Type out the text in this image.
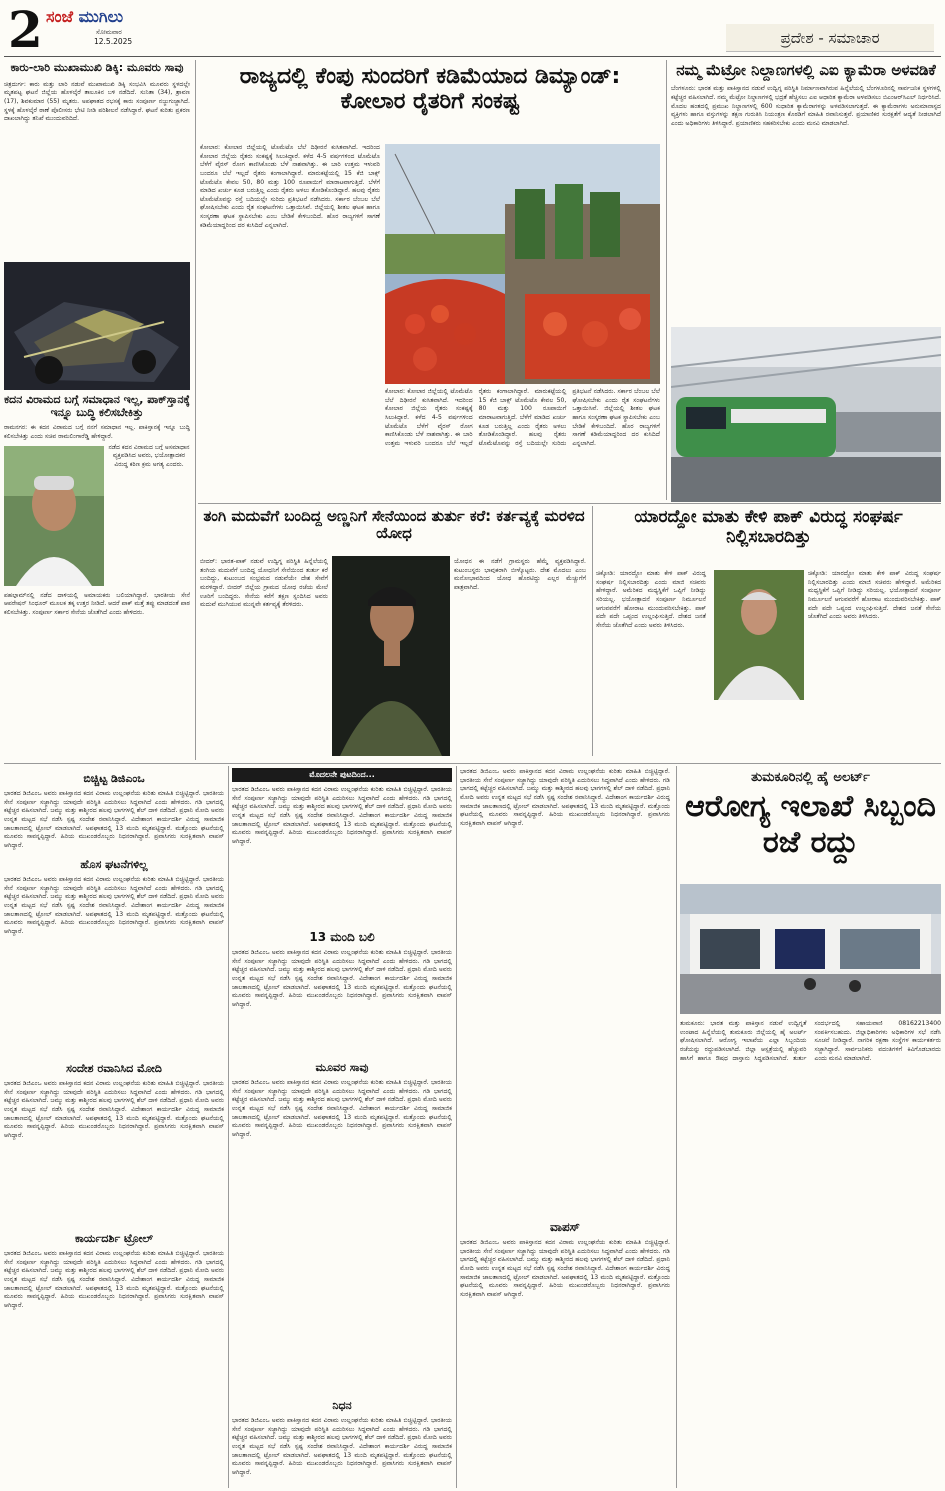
2 ಸಂಜೆ ಮುಗಿಲು
ಸೋಮವಾರ
12.5.2025	ಪ್ರದೇಶ - ಸಮಾಚಾರ
ಕಾರು-ಲಾರಿ ಮುಖಾಮುಖಿ ಡಿಕ್ಕಿ: ಮೂವರು ಸಾವು
ಚಿತ್ರದುರ್ಗ: ಕಾರು ಮತ್ತು ಲಾರಿ ನಡುವೆ ಮುಖಾಮುಖಿ ಡಿಕ್ಕಿ ಸಂಭವಿಸಿ ಮೂವರು ಸ್ಥಳದಲ್ಲೇ ಮೃತಪಟ್ಟ ಘಟನೆ ಜಿಲ್ಲೆಯ ಹೊಳಲ್ಕೆರೆ ತಾಲೂಕಿನ ಬಳಿ ನಡೆದಿದೆ. ಸುನಿತಾ (34), ಶ್ರಾವಣ (17), ಶಿವಕುಮಾರ (55) ಮೃತರು. ಅಪಘಾತದ ರಭಸಕ್ಕೆ ಕಾರು ಸಂಪೂರ್ಣ ನಜ್ಜುಗುಜ್ಜಾಗಿದೆ. ಸ್ಥಳಕ್ಕೆ ಹೊಳಲ್ಕೆರೆ ಠಾಣೆ ಪೊಲೀಸರು ಭೇಟಿ ನೀಡಿ ಪರಿಶೀಲನೆ ನಡೆಸಿದ್ದಾರೆ. ಘಟನೆ ಕುರಿತು ಪ್ರಕರಣ ದಾಖಲಾಗಿದ್ದು ತನಿಖೆ ಮುಂದುವರಿದಿದೆ.
ಕದನ ವಿರಾಮದ ಬಗ್ಗೆ ಸಮಾಧಾನ ಇಲ್ಲ, ಪಾಕ್‌ಸ್ತಾನಕ್ಕೆ ಇನ್ನೂ ಬುದ್ಧಿ ಕಲಿಸಬೇಕಿತ್ತು
ರಾಮನಗರ: ಈ ಕದನ ವಿರಾಮದ ಬಗ್ಗೆ ನನಗೆ ಸಮಾಧಾನ ಇಲ್ಲ. ಪಾಕಿಸ್ತಾನಕ್ಕೆ ಇನ್ನೂ ಬುದ್ಧಿ ಕಲಿಸಬೇಕಿತ್ತು ಎಂದು ಸಚಿವ ರಾಮಲಿಂಗಾರೆಡ್ಡಿ ಹೇಳಿದ್ದಾರೆ.
ನಡೆದ ಕದನ ವಿರಾಮದ ಬಗ್ಗೆ ಅಸಮಾಧಾನ ವ್ಯಕ್ತಪಡಿಸಿದ ಅವರು, ಭಯೋತ್ಪಾದಕರ ವಿರುದ್ಧ ಕಠಿಣ ಕ್ರಮ ಅಗತ್ಯ ಎಂದರು.
ಪಹಲ್ಗಾಮ್‌ನಲ್ಲಿ ನಡೆದ ದಾಳಿಯಲ್ಲಿ ಅಮಾಯಕರು ಬಲಿಯಾಗಿದ್ದಾರೆ. ಭಾರತೀಯ ಸೇನೆ ಆಪರೇಷನ್ ಸಿಂಧೂರ್ ಮೂಲಕ ತಕ್ಕ ಉತ್ತರ ನೀಡಿದೆ. ಆದರೆ ಪಾಕ್ ಮತ್ತೆ ತಪ್ಪು ಮಾಡದಂತೆ ಪಾಠ ಕಲಿಸಬೇಕಿತ್ತು. ಸಂಪೂರ್ಣ ಸರ್ಕಾರ ಸೇನೆಯ ಜೊತೆಗಿದೆ ಎಂದು ಹೇಳಿದರು.
ರಾಜ್ಯದಲ್ಲಿ ಕೆಂಪು ಸುಂದರಿಗೆ ಕಡಿಮೆಯಾದ ಡಿಮ್ಯಾಂಡ್: ಕೋಲಾರ ರೈತರಿಗೆ ಸಂಕಷ್ಟ
ಕೋಲಾರ: ಕೋಲಾರ ಜಿಲ್ಲೆಯಲ್ಲಿ ಟೊಮೆಟೊ ಬೆಲೆ ದಿಢೀರನೆ ಕುಸಿತವಾಗಿದೆ. ಇದರಿಂದ ಕೋಲಾರ ಜಿಲ್ಲೆಯ ರೈತರು ಸಂಕಷ್ಟಕ್ಕೆ ಸಿಲುಕಿದ್ದಾರೆ. ಕಳೆದ 4-5 ವರ್ಷಗಳಿಂದ ಟೊಮೆಟೊ ಬೆಳೆಗೆ ವೈರಸ್ ರೋಗ ಕಾಣಿಸಿಕೊಂಡು ಬೆಳೆ ನಾಶವಾಗಿತ್ತು. ಈ ಬಾರಿ ಉತ್ತಮ ಇಳುವರಿ ಬಂದರೂ ಬೆಲೆ ಇಲ್ಲದೆ ರೈತರು ಕಂಗಾಲಾಗಿದ್ದಾರೆ. ಮಾರುಕಟ್ಟೆಯಲ್ಲಿ 15 ಕೆಜಿ ಬಾಕ್ಸ್ ಟೊಮೆಟೊ ಕೇವಲ 50, 80 ಮತ್ತು 100 ರೂಪಾಯಿಗೆ ಮಾರಾಟವಾಗುತ್ತಿದೆ. ಬೆಳೆಗೆ ಮಾಡಿದ ಖರ್ಚು ಕೂಡ ಬರುತ್ತಿಲ್ಲ ಎಂದು ರೈತರು ಅಳಲು ತೋಡಿಕೊಂಡಿದ್ದಾರೆ. ಹಲವು ರೈತರು ಟೊಮೆಟೊವನ್ನು ರಸ್ತೆ ಬದಿಯಲ್ಲೇ ಸುರಿದು ಪ್ರತಿಭಟನೆ ನಡೆಸಿದರು. ಸರ್ಕಾರ ಬೆಂಬಲ ಬೆಲೆ ಘೋಷಿಸಬೇಕು ಎಂದು ರೈತ ಸಂಘಟನೆಗಳು ಒತ್ತಾಯಿಸಿವೆ. ಜಿಲ್ಲೆಯಲ್ಲಿ ಶೀತಲ ಘಟಕ ಹಾಗೂ ಸಂಸ್ಕರಣಾ ಘಟಕ ಸ್ಥಾಪಿಸಬೇಕು ಎಂಬ ಬೇಡಿಕೆ ಕೇಳಿಬಂದಿದೆ. ಹೊರ ರಾಜ್ಯಗಳಿಗೆ ಸಾಗಣೆ ಕಡಿಮೆಯಾದ್ದರಿಂದ ದರ ಕುಸಿದಿದೆ ಎನ್ನಲಾಗಿದೆ.
ಕೋಲಾರ: ಕೋಲಾರ ಜಿಲ್ಲೆಯಲ್ಲಿ ಟೊಮೆಟೊ ಬೆಲೆ ದಿಢೀರನೆ ಕುಸಿತವಾಗಿದೆ. ಇದರಿಂದ ಕೋಲಾರ ಜಿಲ್ಲೆಯ ರೈತರು ಸಂಕಷ್ಟಕ್ಕೆ ಸಿಲುಕಿದ್ದಾರೆ. ಕಳೆದ 4-5 ವರ್ಷಗಳಿಂದ ಟೊಮೆಟೊ ಬೆಳೆಗೆ ವೈರಸ್ ರೋಗ ಕಾಣಿಸಿಕೊಂಡು ಬೆಳೆ ನಾಶವಾಗಿತ್ತು. ಈ ಬಾರಿ ಉತ್ತಮ ಇಳುವರಿ ಬಂದರೂ ಬೆಲೆ ಇಲ್ಲದೆ ರೈತರು ಕಂಗಾಲಾಗಿದ್ದಾರೆ. ಮಾರುಕಟ್ಟೆಯಲ್ಲಿ 15 ಕೆಜಿ ಬಾಕ್ಸ್ ಟೊಮೆಟೊ ಕೇವಲ 50, 80 ಮತ್ತು 100 ರೂಪಾಯಿಗೆ ಮಾರಾಟವಾಗುತ್ತಿದೆ. ಬೆಳೆಗೆ ಮಾಡಿದ ಖರ್ಚು ಕೂಡ ಬರುತ್ತಿಲ್ಲ ಎಂದು ರೈತರು ಅಳಲು ತೋಡಿಕೊಂಡಿದ್ದಾರೆ. ಹಲವು ರೈತರು ಟೊಮೆಟೊವನ್ನು ರಸ್ತೆ ಬದಿಯಲ್ಲೇ ಸುರಿದು ಪ್ರತಿಭಟನೆ ನಡೆಸಿದರು. ಸರ್ಕಾರ ಬೆಂಬಲ ಬೆಲೆ ಘೋಷಿಸಬೇಕು ಎಂದು ರೈತ ಸಂಘಟನೆಗಳು ಒತ್ತಾಯಿಸಿವೆ. ಜಿಲ್ಲೆಯಲ್ಲಿ ಶೀತಲ ಘಟಕ ಹಾಗೂ ಸಂಸ್ಕರಣಾ ಘಟಕ ಸ್ಥಾಪಿಸಬೇಕು ಎಂಬ ಬೇಡಿಕೆ ಕೇಳಿಬಂದಿದೆ. ಹೊರ ರಾಜ್ಯಗಳಿಗೆ ಸಾಗಣೆ ಕಡಿಮೆಯಾದ್ದರಿಂದ ದರ ಕುಸಿದಿದೆ ಎನ್ನಲಾಗಿದೆ.
ನಮ್ಮ ಮೆಟ್ರೋ ನಿಲ್ದಾಣಗಳಲ್ಲಿ ಎಐ ಕ್ಯಾಮೆರಾ ಅಳವಡಿಕೆ
ಬೆಂಗಳೂರು: ಭಾರತ ಮತ್ತು ಪಾಕಿಸ್ತಾನದ ನಡುವೆ ಉದ್ವಿಗ್ನ ಪರಿಸ್ಥಿತಿ ನಿರ್ಮಾಣವಾಗಿರುವ ಹಿನ್ನೆಲೆಯಲ್ಲಿ ಬೆಂಗಳೂರಿನಲ್ಲಿ ಸಾರ್ವಜನಿಕ ಸ್ಥಳಗಳಲ್ಲಿ ಕಟ್ಟೆಚ್ಚರ ವಹಿಸಲಾಗಿದೆ. ನಮ್ಮ ಮೆಟ್ರೋ ನಿಲ್ದಾಣಗಳಲ್ಲಿ ಭದ್ರತೆ ಹೆಚ್ಚಿಸಲು ಎಐ ಆಧಾರಿತ ಕ್ಯಾಮೆರಾ ಅಳವಡಿಸಲು ಬಿಎಂಆರ್‌ಸಿಎಲ್ ನಿರ್ಧರಿಸಿದೆ. ಮೊದಲ ಹಂತದಲ್ಲಿ ಪ್ರಮುಖ ನಿಲ್ದಾಣಗಳಲ್ಲಿ 600 ಸುಧಾರಿತ ಕ್ಯಾಮೆರಾಗಳನ್ನು ಅಳವಡಿಸಲಾಗುತ್ತದೆ. ಈ ಕ್ಯಾಮೆರಾಗಳು ಅನುಮಾನಾಸ್ಪದ ವ್ಯಕ್ತಿಗಳು ಹಾಗೂ ವಸ್ತುಗಳನ್ನು ತಕ್ಷಣ ಗುರುತಿಸಿ ನಿಯಂತ್ರಣ ಕೊಠಡಿಗೆ ಮಾಹಿತಿ ರವಾನಿಸುತ್ತವೆ. ಪ್ರಯಾಣಿಕರ ಸುರಕ್ಷತೆಗೆ ಆದ್ಯತೆ ನೀಡಲಾಗಿದೆ ಎಂದು ಅಧಿಕಾರಿಗಳು ತಿಳಿಸಿದ್ದಾರೆ. ಪ್ರಯಾಣಿಕರು ಸಹಕರಿಸಬೇಕು ಎಂದು ಮನವಿ ಮಾಡಲಾಗಿದೆ.
ತಂಗಿ ಮದುವೆಗೆ ಬಂದಿದ್ದ ಅಣ್ಣನಿಗೆ ಸೇನೆಯಿಂದ ತುರ್ತು ಕರೆ: ಕರ್ತವ್ಯಕ್ಕೆ ಮರಳಿದ ಯೋಧ
ಬೀದರ್: ಭಾರತ-ಪಾಕ್ ನಡುವೆ ಉದ್ವಿಗ್ನ ಪರಿಸ್ಥಿತಿ ಹಿನ್ನೆಲೆಯಲ್ಲಿ ತಂಗಿಯ ಮದುವೆಗೆ ಬಂದಿದ್ದ ಯೋಧನಿಗೆ ಸೇನೆಯಿಂದ ತುರ್ತು ಕರೆ ಬಂದಿದ್ದು, ಕುಟುಂಬದ ಸಂಭ್ರಮದ ನಡುವೆಯೇ ದೇಶ ಸೇವೆಗೆ ಮರಳಿದ್ದಾರೆ. ಬೀದರ್ ಜಿಲ್ಲೆಯ ಗ್ರಾಮದ ಯೋಧ ರಜೆಯ ಮೇಲೆ ಊರಿಗೆ ಬಂದಿದ್ದರು. ಸೇನೆಯ ಕರೆಗೆ ತಕ್ಷಣ ಸ್ಪಂದಿಸಿದ ಅವರು ಮದುವೆ ಮುಗಿಯುವ ಮುನ್ನವೇ ಕರ್ತವ್ಯಕ್ಕೆ ತೆರಳಿದರು.
ಯೋಧನ ಈ ನಡೆಗೆ ಗ್ರಾಮಸ್ಥರು ಹೆಮ್ಮೆ ವ್ಯಕ್ತಪಡಿಸಿದ್ದಾರೆ. ಕುಟುಂಬಸ್ಥರು ಭಾವುಕರಾಗಿ ಬೀಳ್ಕೊಟ್ಟರು. ದೇಶ ಮೊದಲು ಎಂಬ ಮನೋಭಾವದಿಂದ ಯೋಧ ಹೊರಟಿದ್ದು ಎಲ್ಲರ ಮೆಚ್ಚುಗೆಗೆ ಪಾತ್ರವಾಗಿದೆ.
ಯಾರದ್ದೋ ಮಾತು ಕೇಳಿ ಪಾಕ್ ವಿರುದ್ಧ ಸಂಘರ್ಷ ನಿಲ್ಲಿಸಬಾರದಿತ್ತು
ಚಿಕ್ಕೋಡಿ: ಯಾರದ್ದೋ ಮಾತು ಕೇಳಿ ಪಾಕ್ ವಿರುದ್ಧ ಸಂಘರ್ಷ ನಿಲ್ಲಿಸಬಾರದಿತ್ತು ಎಂದು ಮಾಜಿ ಸಚಿವರು ಹೇಳಿದ್ದಾರೆ. ಅಮೆರಿಕದ ಮಧ್ಯಸ್ಥಿಕೆಗೆ ಒಪ್ಪಿಗೆ ನೀಡಿದ್ದು ಸರಿಯಲ್ಲ. ಭಯೋತ್ಪಾದನೆ ಸಂಪೂರ್ಣ ನಿರ್ಮೂಲನೆ ಆಗುವವರೆಗೆ ಹೋರಾಟ ಮುಂದುವರಿಸಬೇಕಿತ್ತು. ಪಾಕ್ ಪದೇ ಪದೇ ಒಪ್ಪಂದ ಉಲ್ಲಂಘಿಸುತ್ತಿದೆ. ದೇಶದ ಜನತೆ ಸೇನೆಯ ಜೊತೆಗಿದೆ ಎಂದು ಅವರು ತಿಳಿಸಿದರು.
ಚಿಕ್ಕೋಡಿ: ಯಾರದ್ದೋ ಮಾತು ಕೇಳಿ ಪಾಕ್ ವಿರುದ್ಧ ಸಂಘರ್ಷ ನಿಲ್ಲಿಸಬಾರದಿತ್ತು ಎಂದು ಮಾಜಿ ಸಚಿವರು ಹೇಳಿದ್ದಾರೆ. ಅಮೆರಿಕದ ಮಧ್ಯಸ್ಥಿಕೆಗೆ ಒಪ್ಪಿಗೆ ನೀಡಿದ್ದು ಸರಿಯಲ್ಲ. ಭಯೋತ್ಪಾದನೆ ಸಂಪೂರ್ಣ ನಿರ್ಮೂಲನೆ ಆಗುವವರೆಗೆ ಹೋರಾಟ ಮುಂದುವರಿಸಬೇಕಿತ್ತು. ಪಾಕ್ ಪದೇ ಪದೇ ಒಪ್ಪಂದ ಉಲ್ಲಂಘಿಸುತ್ತಿದೆ. ದೇಶದ ಜನತೆ ಸೇನೆಯ ಜೊತೆಗಿದೆ ಎಂದು ಅವರು ತಿಳಿಸಿದರು.
ಬಿಚ್ಚಿಟ್ಟ ಡಿಜಿಎಂಒ
ಭಾರತದ ಡಿಜಿಎಂಒ ಅವರು ಪಾಕಿಸ್ತಾನದ ಕದನ ವಿರಾಮ ಉಲ್ಲಂಘನೆಯ ಕುರಿತು ಮಾಹಿತಿ ಬಿಚ್ಚಿಟ್ಟಿದ್ದಾರೆ. ಭಾರತೀಯ ಸೇನೆ ಸಂಪೂರ್ಣ ಸಜ್ಜಾಗಿದ್ದು ಯಾವುದೇ ಪರಿಸ್ಥಿತಿ ಎದುರಿಸಲು ಸಿದ್ಧವಾಗಿದೆ ಎಂದು ಹೇಳಿದರು. ಗಡಿ ಭಾಗದಲ್ಲಿ ಕಟ್ಟೆಚ್ಚರ ವಹಿಸಲಾಗಿದೆ. ಜಮ್ಮು ಮತ್ತು ಕಾಶ್ಮೀರದ ಹಲವು ಭಾಗಗಳಲ್ಲಿ ಶೆಲ್ ದಾಳಿ ನಡೆದಿದೆ. ಪ್ರಧಾನಿ ಮೋದಿ ಅವರು ಉನ್ನತ ಮಟ್ಟದ ಸಭೆ ನಡೆಸಿ ಸ್ಪಷ್ಟ ಸಂದೇಶ ರವಾನಿಸಿದ್ದಾರೆ. ವಿದೇಶಾಂಗ ಕಾರ್ಯದರ್ಶಿ ವಿರುದ್ಧ ಸಾಮಾಜಿಕ ಜಾಲತಾಣದಲ್ಲಿ ಟ್ರೋಲ್ ಮಾಡಲಾಗಿದೆ. ಅಪಘಾತದಲ್ಲಿ 13 ಮಂದಿ ಮೃತಪಟ್ಟಿದ್ದಾರೆ. ಮತ್ತೊಂದು ಘಟನೆಯಲ್ಲಿ ಮೂವರು ಸಾವನ್ನಪ್ಪಿದ್ದಾರೆ. ಹಿರಿಯ ಮುಖಂಡರೊಬ್ಬರು ನಿಧನರಾಗಿದ್ದಾರೆ. ಪ್ರವಾಸಿಗರು ಸುರಕ್ಷಿತವಾಗಿ ವಾಪಸ್ ಆಗಿದ್ದಾರೆ.
ಹೊಸ ಘಟನೆಗಳಿಲ್ಲ
ಭಾರತದ ಡಿಜಿಎಂಒ ಅವರು ಪಾಕಿಸ್ತಾನದ ಕದನ ವಿರಾಮ ಉಲ್ಲಂಘನೆಯ ಕುರಿತು ಮಾಹಿತಿ ಬಿಚ್ಚಿಟ್ಟಿದ್ದಾರೆ. ಭಾರತೀಯ ಸೇನೆ ಸಂಪೂರ್ಣ ಸಜ್ಜಾಗಿದ್ದು ಯಾವುದೇ ಪರಿಸ್ಥಿತಿ ಎದುರಿಸಲು ಸಿದ್ಧವಾಗಿದೆ ಎಂದು ಹೇಳಿದರು. ಗಡಿ ಭಾಗದಲ್ಲಿ ಕಟ್ಟೆಚ್ಚರ ವಹಿಸಲಾಗಿದೆ. ಜಮ್ಮು ಮತ್ತು ಕಾಶ್ಮೀರದ ಹಲವು ಭಾಗಗಳಲ್ಲಿ ಶೆಲ್ ದಾಳಿ ನಡೆದಿದೆ. ಪ್ರಧಾನಿ ಮೋದಿ ಅವರು ಉನ್ನತ ಮಟ್ಟದ ಸಭೆ ನಡೆಸಿ ಸ್ಪಷ್ಟ ಸಂದೇಶ ರವಾನಿಸಿದ್ದಾರೆ. ವಿದೇಶಾಂಗ ಕಾರ್ಯದರ್ಶಿ ವಿರುದ್ಧ ಸಾಮಾಜಿಕ ಜಾಲತಾಣದಲ್ಲಿ ಟ್ರೋಲ್ ಮಾಡಲಾಗಿದೆ. ಅಪಘಾತದಲ್ಲಿ 13 ಮಂದಿ ಮೃತಪಟ್ಟಿದ್ದಾರೆ. ಮತ್ತೊಂದು ಘಟನೆಯಲ್ಲಿ ಮೂವರು ಸಾವನ್ನಪ್ಪಿದ್ದಾರೆ. ಹಿರಿಯ ಮುಖಂಡರೊಬ್ಬರು ನಿಧನರಾಗಿದ್ದಾರೆ. ಪ್ರವಾಸಿಗರು ಸುರಕ್ಷಿತವಾಗಿ ವಾಪಸ್ ಆಗಿದ್ದಾರೆ.
ಸಂದೇಶ ರವಾನಿಸಿದ ಮೋದಿ
ಭಾರತದ ಡಿಜಿಎಂಒ ಅವರು ಪಾಕಿಸ್ತಾನದ ಕದನ ವಿರಾಮ ಉಲ್ಲಂಘನೆಯ ಕುರಿತು ಮಾಹಿತಿ ಬಿಚ್ಚಿಟ್ಟಿದ್ದಾರೆ. ಭಾರತೀಯ ಸೇನೆ ಸಂಪೂರ್ಣ ಸಜ್ಜಾಗಿದ್ದು ಯಾವುದೇ ಪರಿಸ್ಥಿತಿ ಎದುರಿಸಲು ಸಿದ್ಧವಾಗಿದೆ ಎಂದು ಹೇಳಿದರು. ಗಡಿ ಭಾಗದಲ್ಲಿ ಕಟ್ಟೆಚ್ಚರ ವಹಿಸಲಾಗಿದೆ. ಜಮ್ಮು ಮತ್ತು ಕಾಶ್ಮೀರದ ಹಲವು ಭಾಗಗಳಲ್ಲಿ ಶೆಲ್ ದಾಳಿ ನಡೆದಿದೆ. ಪ್ರಧಾನಿ ಮೋದಿ ಅವರು ಉನ್ನತ ಮಟ್ಟದ ಸಭೆ ನಡೆಸಿ ಸ್ಪಷ್ಟ ಸಂದೇಶ ರವಾನಿಸಿದ್ದಾರೆ. ವಿದೇಶಾಂಗ ಕಾರ್ಯದರ್ಶಿ ವಿರುದ್ಧ ಸಾಮಾಜಿಕ ಜಾಲತಾಣದಲ್ಲಿ ಟ್ರೋಲ್ ಮಾಡಲಾಗಿದೆ. ಅಪಘಾತದಲ್ಲಿ 13 ಮಂದಿ ಮೃತಪಟ್ಟಿದ್ದಾರೆ. ಮತ್ತೊಂದು ಘಟನೆಯಲ್ಲಿ ಮೂವರು ಸಾವನ್ನಪ್ಪಿದ್ದಾರೆ. ಹಿರಿಯ ಮುಖಂಡರೊಬ್ಬರು ನಿಧನರಾಗಿದ್ದಾರೆ. ಪ್ರವಾಸಿಗರು ಸುರಕ್ಷಿತವಾಗಿ ವಾಪಸ್ ಆಗಿದ್ದಾರೆ.
ಕಾರ್ಯದರ್ಶಿ ಟ್ರೋಲ್
ಭಾರತದ ಡಿಜಿಎಂಒ ಅವರು ಪಾಕಿಸ್ತಾನದ ಕದನ ವಿರಾಮ ಉಲ್ಲಂಘನೆಯ ಕುರಿತು ಮಾಹಿತಿ ಬಿಚ್ಚಿಟ್ಟಿದ್ದಾರೆ. ಭಾರತೀಯ ಸೇನೆ ಸಂಪೂರ್ಣ ಸಜ್ಜಾಗಿದ್ದು ಯಾವುದೇ ಪರಿಸ್ಥಿತಿ ಎದುರಿಸಲು ಸಿದ್ಧವಾಗಿದೆ ಎಂದು ಹೇಳಿದರು. ಗಡಿ ಭಾಗದಲ್ಲಿ ಕಟ್ಟೆಚ್ಚರ ವಹಿಸಲಾಗಿದೆ. ಜಮ್ಮು ಮತ್ತು ಕಾಶ್ಮೀರದ ಹಲವು ಭಾಗಗಳಲ್ಲಿ ಶೆಲ್ ದಾಳಿ ನಡೆದಿದೆ. ಪ್ರಧಾನಿ ಮೋದಿ ಅವರು ಉನ್ನತ ಮಟ್ಟದ ಸಭೆ ನಡೆಸಿ ಸ್ಪಷ್ಟ ಸಂದೇಶ ರವಾನಿಸಿದ್ದಾರೆ. ವಿದೇಶಾಂಗ ಕಾರ್ಯದರ್ಶಿ ವಿರುದ್ಧ ಸಾಮಾಜಿಕ ಜಾಲತಾಣದಲ್ಲಿ ಟ್ರೋಲ್ ಮಾಡಲಾಗಿದೆ. ಅಪಘಾತದಲ್ಲಿ 13 ಮಂದಿ ಮೃತಪಟ್ಟಿದ್ದಾರೆ. ಮತ್ತೊಂದು ಘಟನೆಯಲ್ಲಿ ಮೂವರು ಸಾವನ್ನಪ್ಪಿದ್ದಾರೆ. ಹಿರಿಯ ಮುಖಂಡರೊಬ್ಬರು ನಿಧನರಾಗಿದ್ದಾರೆ. ಪ್ರವಾಸಿಗರು ಸುರಕ್ಷಿತವಾಗಿ ವಾಪಸ್ ಆಗಿದ್ದಾರೆ.
ಮೊದಲನೇ ಪುಟದಿಂದ...
ಭಾರತದ ಡಿಜಿಎಂಒ ಅವರು ಪಾಕಿಸ್ತಾನದ ಕದನ ವಿರಾಮ ಉಲ್ಲಂಘನೆಯ ಕುರಿತು ಮಾಹಿತಿ ಬಿಚ್ಚಿಟ್ಟಿದ್ದಾರೆ. ಭಾರತೀಯ ಸೇನೆ ಸಂಪೂರ್ಣ ಸಜ್ಜಾಗಿದ್ದು ಯಾವುದೇ ಪರಿಸ್ಥಿತಿ ಎದುರಿಸಲು ಸಿದ್ಧವಾಗಿದೆ ಎಂದು ಹೇಳಿದರು. ಗಡಿ ಭಾಗದಲ್ಲಿ ಕಟ್ಟೆಚ್ಚರ ವಹಿಸಲಾಗಿದೆ. ಜಮ್ಮು ಮತ್ತು ಕಾಶ್ಮೀರದ ಹಲವು ಭಾಗಗಳಲ್ಲಿ ಶೆಲ್ ದಾಳಿ ನಡೆದಿದೆ. ಪ್ರಧಾನಿ ಮೋದಿ ಅವರು ಉನ್ನತ ಮಟ್ಟದ ಸಭೆ ನಡೆಸಿ ಸ್ಪಷ್ಟ ಸಂದೇಶ ರವಾನಿಸಿದ್ದಾರೆ. ವಿದೇಶಾಂಗ ಕಾರ್ಯದರ್ಶಿ ವಿರುದ್ಧ ಸಾಮಾಜಿಕ ಜಾಲತಾಣದಲ್ಲಿ ಟ್ರೋಲ್ ಮಾಡಲಾಗಿದೆ. ಅಪಘಾತದಲ್ಲಿ 13 ಮಂದಿ ಮೃತಪಟ್ಟಿದ್ದಾರೆ. ಮತ್ತೊಂದು ಘಟನೆಯಲ್ಲಿ ಮೂವರು ಸಾವನ್ನಪ್ಪಿದ್ದಾರೆ. ಹಿರಿಯ ಮುಖಂಡರೊಬ್ಬರು ನಿಧನರಾಗಿದ್ದಾರೆ. ಪ್ರವಾಸಿಗರು ಸುರಕ್ಷಿತವಾಗಿ ವಾಪಸ್ ಆಗಿದ್ದಾರೆ.
13 ಮಂದಿ ಬಲಿ
ಭಾರತದ ಡಿಜಿಎಂಒ ಅವರು ಪಾಕಿಸ್ತಾನದ ಕದನ ವಿರಾಮ ಉಲ್ಲಂಘನೆಯ ಕುರಿತು ಮಾಹಿತಿ ಬಿಚ್ಚಿಟ್ಟಿದ್ದಾರೆ. ಭಾರತೀಯ ಸೇನೆ ಸಂಪೂರ್ಣ ಸಜ್ಜಾಗಿದ್ದು ಯಾವುದೇ ಪರಿಸ್ಥಿತಿ ಎದುರಿಸಲು ಸಿದ್ಧವಾಗಿದೆ ಎಂದು ಹೇಳಿದರು. ಗಡಿ ಭಾಗದಲ್ಲಿ ಕಟ್ಟೆಚ್ಚರ ವಹಿಸಲಾಗಿದೆ. ಜಮ್ಮು ಮತ್ತು ಕಾಶ್ಮೀರದ ಹಲವು ಭಾಗಗಳಲ್ಲಿ ಶೆಲ್ ದಾಳಿ ನಡೆದಿದೆ. ಪ್ರಧಾನಿ ಮೋದಿ ಅವರು ಉನ್ನತ ಮಟ್ಟದ ಸಭೆ ನಡೆಸಿ ಸ್ಪಷ್ಟ ಸಂದೇಶ ರವಾನಿಸಿದ್ದಾರೆ. ವಿದೇಶಾಂಗ ಕಾರ್ಯದರ್ಶಿ ವಿರುದ್ಧ ಸಾಮಾಜಿಕ ಜಾಲತಾಣದಲ್ಲಿ ಟ್ರೋಲ್ ಮಾಡಲಾಗಿದೆ. ಅಪಘಾತದಲ್ಲಿ 13 ಮಂದಿ ಮೃತಪಟ್ಟಿದ್ದಾರೆ. ಮತ್ತೊಂದು ಘಟನೆಯಲ್ಲಿ ಮೂವರು ಸಾವನ್ನಪ್ಪಿದ್ದಾರೆ. ಹಿರಿಯ ಮುಖಂಡರೊಬ್ಬರು ನಿಧನರಾಗಿದ್ದಾರೆ. ಪ್ರವಾಸಿಗರು ಸುರಕ್ಷಿತವಾಗಿ ವಾಪಸ್ ಆಗಿದ್ದಾರೆ.
ಮೂವರ ಸಾವು
ಭಾರತದ ಡಿಜಿಎಂಒ ಅವರು ಪಾಕಿಸ್ತಾನದ ಕದನ ವಿರಾಮ ಉಲ್ಲಂಘನೆಯ ಕುರಿತು ಮಾಹಿತಿ ಬಿಚ್ಚಿಟ್ಟಿದ್ದಾರೆ. ಭಾರತೀಯ ಸೇನೆ ಸಂಪೂರ್ಣ ಸಜ್ಜಾಗಿದ್ದು ಯಾವುದೇ ಪರಿಸ್ಥಿತಿ ಎದುರಿಸಲು ಸಿದ್ಧವಾಗಿದೆ ಎಂದು ಹೇಳಿದರು. ಗಡಿ ಭಾಗದಲ್ಲಿ ಕಟ್ಟೆಚ್ಚರ ವಹಿಸಲಾಗಿದೆ. ಜಮ್ಮು ಮತ್ತು ಕಾಶ್ಮೀರದ ಹಲವು ಭಾಗಗಳಲ್ಲಿ ಶೆಲ್ ದಾಳಿ ನಡೆದಿದೆ. ಪ್ರಧಾನಿ ಮೋದಿ ಅವರು ಉನ್ನತ ಮಟ್ಟದ ಸಭೆ ನಡೆಸಿ ಸ್ಪಷ್ಟ ಸಂದೇಶ ರವಾನಿಸಿದ್ದಾರೆ. ವಿದೇಶಾಂಗ ಕಾರ್ಯದರ್ಶಿ ವಿರುದ್ಧ ಸಾಮಾಜಿಕ ಜಾಲತಾಣದಲ್ಲಿ ಟ್ರೋಲ್ ಮಾಡಲಾಗಿದೆ. ಅಪಘಾತದಲ್ಲಿ 13 ಮಂದಿ ಮೃತಪಟ್ಟಿದ್ದಾರೆ. ಮತ್ತೊಂದು ಘಟನೆಯಲ್ಲಿ ಮೂವರು ಸಾವನ್ನಪ್ಪಿದ್ದಾರೆ. ಹಿರಿಯ ಮುಖಂಡರೊಬ್ಬರು ನಿಧನರಾಗಿದ್ದಾರೆ. ಪ್ರವಾಸಿಗರು ಸುರಕ್ಷಿತವಾಗಿ ವಾಪಸ್ ಆಗಿದ್ದಾರೆ.
ನಿಧನ
ಭಾರತದ ಡಿಜಿಎಂಒ ಅವರು ಪಾಕಿಸ್ತಾನದ ಕದನ ವಿರಾಮ ಉಲ್ಲಂಘನೆಯ ಕುರಿತು ಮಾಹಿತಿ ಬಿಚ್ಚಿಟ್ಟಿದ್ದಾರೆ. ಭಾರತೀಯ ಸೇನೆ ಸಂಪೂರ್ಣ ಸಜ್ಜಾಗಿದ್ದು ಯಾವುದೇ ಪರಿಸ್ಥಿತಿ ಎದುರಿಸಲು ಸಿದ್ಧವಾಗಿದೆ ಎಂದು ಹೇಳಿದರು. ಗಡಿ ಭಾಗದಲ್ಲಿ ಕಟ್ಟೆಚ್ಚರ ವಹಿಸಲಾಗಿದೆ. ಜಮ್ಮು ಮತ್ತು ಕಾಶ್ಮೀರದ ಹಲವು ಭಾಗಗಳಲ್ಲಿ ಶೆಲ್ ದಾಳಿ ನಡೆದಿದೆ. ಪ್ರಧಾನಿ ಮೋದಿ ಅವರು ಉನ್ನತ ಮಟ್ಟದ ಸಭೆ ನಡೆಸಿ ಸ್ಪಷ್ಟ ಸಂದೇಶ ರವಾನಿಸಿದ್ದಾರೆ. ವಿದೇಶಾಂಗ ಕಾರ್ಯದರ್ಶಿ ವಿರುದ್ಧ ಸಾಮಾಜಿಕ ಜಾಲತಾಣದಲ್ಲಿ ಟ್ರೋಲ್ ಮಾಡಲಾಗಿದೆ. ಅಪಘಾತದಲ್ಲಿ 13 ಮಂದಿ ಮೃತಪಟ್ಟಿದ್ದಾರೆ. ಮತ್ತೊಂದು ಘಟನೆಯಲ್ಲಿ ಮೂವರು ಸಾವನ್ನಪ್ಪಿದ್ದಾರೆ. ಹಿರಿಯ ಮುಖಂಡರೊಬ್ಬರು ನಿಧನರಾಗಿದ್ದಾರೆ. ಪ್ರವಾಸಿಗರು ಸುರಕ್ಷಿತವಾಗಿ ವಾಪಸ್ ಆಗಿದ್ದಾರೆ.
ಭಾರತದ ಡಿಜಿಎಂಒ ಅವರು ಪಾಕಿಸ್ತಾನದ ಕದನ ವಿರಾಮ ಉಲ್ಲಂಘನೆಯ ಕುರಿತು ಮಾಹಿತಿ ಬಿಚ್ಚಿಟ್ಟಿದ್ದಾರೆ. ಭಾರತೀಯ ಸೇನೆ ಸಂಪೂರ್ಣ ಸಜ್ಜಾಗಿದ್ದು ಯಾವುದೇ ಪರಿಸ್ಥಿತಿ ಎದುರಿಸಲು ಸಿದ್ಧವಾಗಿದೆ ಎಂದು ಹೇಳಿದರು. ಗಡಿ ಭಾಗದಲ್ಲಿ ಕಟ್ಟೆಚ್ಚರ ವಹಿಸಲಾಗಿದೆ. ಜಮ್ಮು ಮತ್ತು ಕಾಶ್ಮೀರದ ಹಲವು ಭಾಗಗಳಲ್ಲಿ ಶೆಲ್ ದಾಳಿ ನಡೆದಿದೆ. ಪ್ರಧಾನಿ ಮೋದಿ ಅವರು ಉನ್ನತ ಮಟ್ಟದ ಸಭೆ ನಡೆಸಿ ಸ್ಪಷ್ಟ ಸಂದೇಶ ರವಾನಿಸಿದ್ದಾರೆ. ವಿದೇಶಾಂಗ ಕಾರ್ಯದರ್ಶಿ ವಿರುದ್ಧ ಸಾಮಾಜಿಕ ಜಾಲತಾಣದಲ್ಲಿ ಟ್ರೋಲ್ ಮಾಡಲಾಗಿದೆ. ಅಪಘಾತದಲ್ಲಿ 13 ಮಂದಿ ಮೃತಪಟ್ಟಿದ್ದಾರೆ. ಮತ್ತೊಂದು ಘಟನೆಯಲ್ಲಿ ಮೂವರು ಸಾವನ್ನಪ್ಪಿದ್ದಾರೆ. ಹಿರಿಯ ಮುಖಂಡರೊಬ್ಬರು ನಿಧನರಾಗಿದ್ದಾರೆ. ಪ್ರವಾಸಿಗರು ಸುರಕ್ಷಿತವಾಗಿ ವಾಪಸ್ ಆಗಿದ್ದಾರೆ.
ವಾಪಸ್
ಭಾರತದ ಡಿಜಿಎಂಒ ಅವರು ಪಾಕಿಸ್ತಾನದ ಕದನ ವಿರಾಮ ಉಲ್ಲಂಘನೆಯ ಕುರಿತು ಮಾಹಿತಿ ಬಿಚ್ಚಿಟ್ಟಿದ್ದಾರೆ. ಭಾರತೀಯ ಸೇನೆ ಸಂಪೂರ್ಣ ಸಜ್ಜಾಗಿದ್ದು ಯಾವುದೇ ಪರಿಸ್ಥಿತಿ ಎದುರಿಸಲು ಸಿದ್ಧವಾಗಿದೆ ಎಂದು ಹೇಳಿದರು. ಗಡಿ ಭಾಗದಲ್ಲಿ ಕಟ್ಟೆಚ್ಚರ ವಹಿಸಲಾಗಿದೆ. ಜಮ್ಮು ಮತ್ತು ಕಾಶ್ಮೀರದ ಹಲವು ಭಾಗಗಳಲ್ಲಿ ಶೆಲ್ ದಾಳಿ ನಡೆದಿದೆ. ಪ್ರಧಾನಿ ಮೋದಿ ಅವರು ಉನ್ನತ ಮಟ್ಟದ ಸಭೆ ನಡೆಸಿ ಸ್ಪಷ್ಟ ಸಂದೇಶ ರವಾನಿಸಿದ್ದಾರೆ. ವಿದೇಶಾಂಗ ಕಾರ್ಯದರ್ಶಿ ವಿರುದ್ಧ ಸಾಮಾಜಿಕ ಜಾಲತಾಣದಲ್ಲಿ ಟ್ರೋಲ್ ಮಾಡಲಾಗಿದೆ. ಅಪಘಾತದಲ್ಲಿ 13 ಮಂದಿ ಮೃತಪಟ್ಟಿದ್ದಾರೆ. ಮತ್ತೊಂದು ಘಟನೆಯಲ್ಲಿ ಮೂವರು ಸಾವನ್ನಪ್ಪಿದ್ದಾರೆ. ಹಿರಿಯ ಮುಖಂಡರೊಬ್ಬರು ನಿಧನರಾಗಿದ್ದಾರೆ. ಪ್ರವಾಸಿಗರು ಸುರಕ್ಷಿತವಾಗಿ ವಾಪಸ್ ಆಗಿದ್ದಾರೆ.
ತುಮಕೂರಿನಲ್ಲಿ ಹೈ ಅಲರ್ಟ್
ಆರೋಗ್ಯ ಇಲಾಖೆ ಸಿಬ್ಬಂದಿ ರಜೆ ರದ್ದು
ತುಮಕೂರು: ಭಾರತ ಮತ್ತು ಪಾಕಿಸ್ತಾನ ನಡುವೆ ಉದ್ವಿಗ್ನತೆ ಉಂಟಾದ ಹಿನ್ನೆಲೆಯಲ್ಲಿ ತುಮಕೂರು ಜಿಲ್ಲೆಯಲ್ಲಿ ಹೈ ಅಲರ್ಟ್ ಘೋಷಿಸಲಾಗಿದೆ. ಆರೋಗ್ಯ ಇಲಾಖೆಯ ಎಲ್ಲಾ ಸಿಬ್ಬಂದಿಯ ರಜೆಯನ್ನು ರದ್ದುಪಡಿಸಲಾಗಿದೆ. ಜಿಲ್ಲಾ ಆಸ್ಪತ್ರೆಯಲ್ಲಿ ಹೆಚ್ಚುವರಿ ಹಾಸಿಗೆ ಹಾಗೂ ಔಷಧ ದಾಸ್ತಾನು ಸಿದ್ಧಪಡಿಸಲಾಗಿದೆ. ತುರ್ತು ಸಂದರ್ಭದಲ್ಲಿ ಸಹಾಯವಾಣಿ 08162213400 ಸಂಪರ್ಕಿಸಬಹುದು. ಜಿಲ್ಲಾಧಿಕಾರಿಗಳು ಅಧಿಕಾರಿಗಳ ಸಭೆ ನಡೆಸಿ ಸೂಚನೆ ನೀಡಿದ್ದಾರೆ. ನಾಗರಿಕ ರಕ್ಷಣಾ ಸಂಸ್ಥೆಗಳ ಕಾರ್ಯಕರ್ತರು ಸಜ್ಜಾಗಿದ್ದಾರೆ. ಸಾರ್ವಜನಿಕರು ವದಂತಿಗಳಿಗೆ ಕಿವಿಗೊಡಬಾರದು ಎಂದು ಮನವಿ ಮಾಡಲಾಗಿದೆ.
